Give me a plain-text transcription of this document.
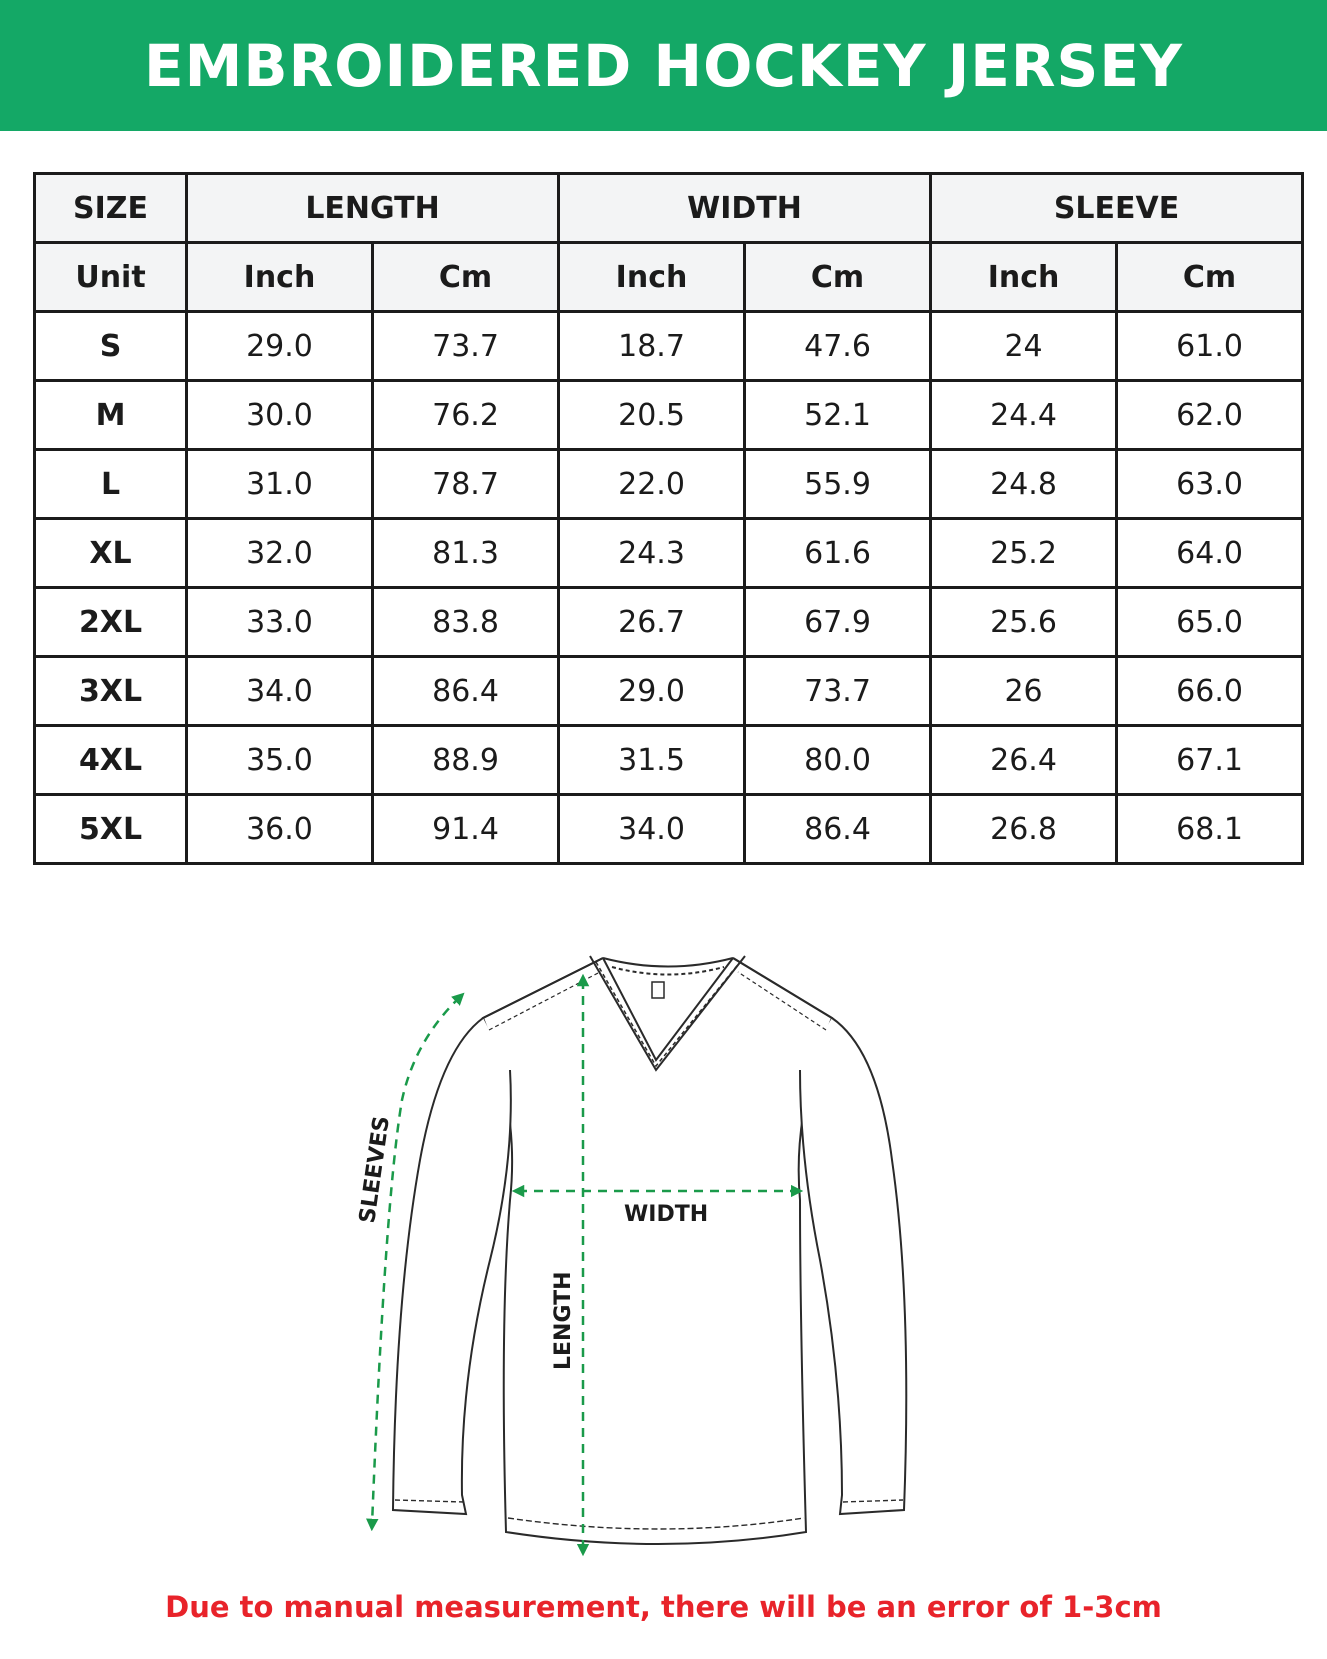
EMBROIDERED HOCKEY JERSEY
SIZE	LENGTH		WIDTH		SLEEVE	
Unit	Inch	Cm	Inch	Cm	Inch	Cm
S	29.0	73.7	18.7	47.6	24	61.0
M	30.0	76.2	20.5	52.1	24.4	62.0
L	31.0	78.7	22.0	55.9	24.8	63.0
XL	32.0	81.3	24.3	61.6	25.2	64.0
2XL	33.0	83.8	26.7	67.9	25.6	65.0
3XL	34.0	86.4	29.0	73.7	26	66.0
4XL	35.0	88.9	31.5	80.0	26.4	67.1
5XL	36.0	91.4	34.0	86.4	26.8	68.1
SLEEVES	WIDTH
LENGTH
Due to manual measurement, there will be an error of 1-3cm
